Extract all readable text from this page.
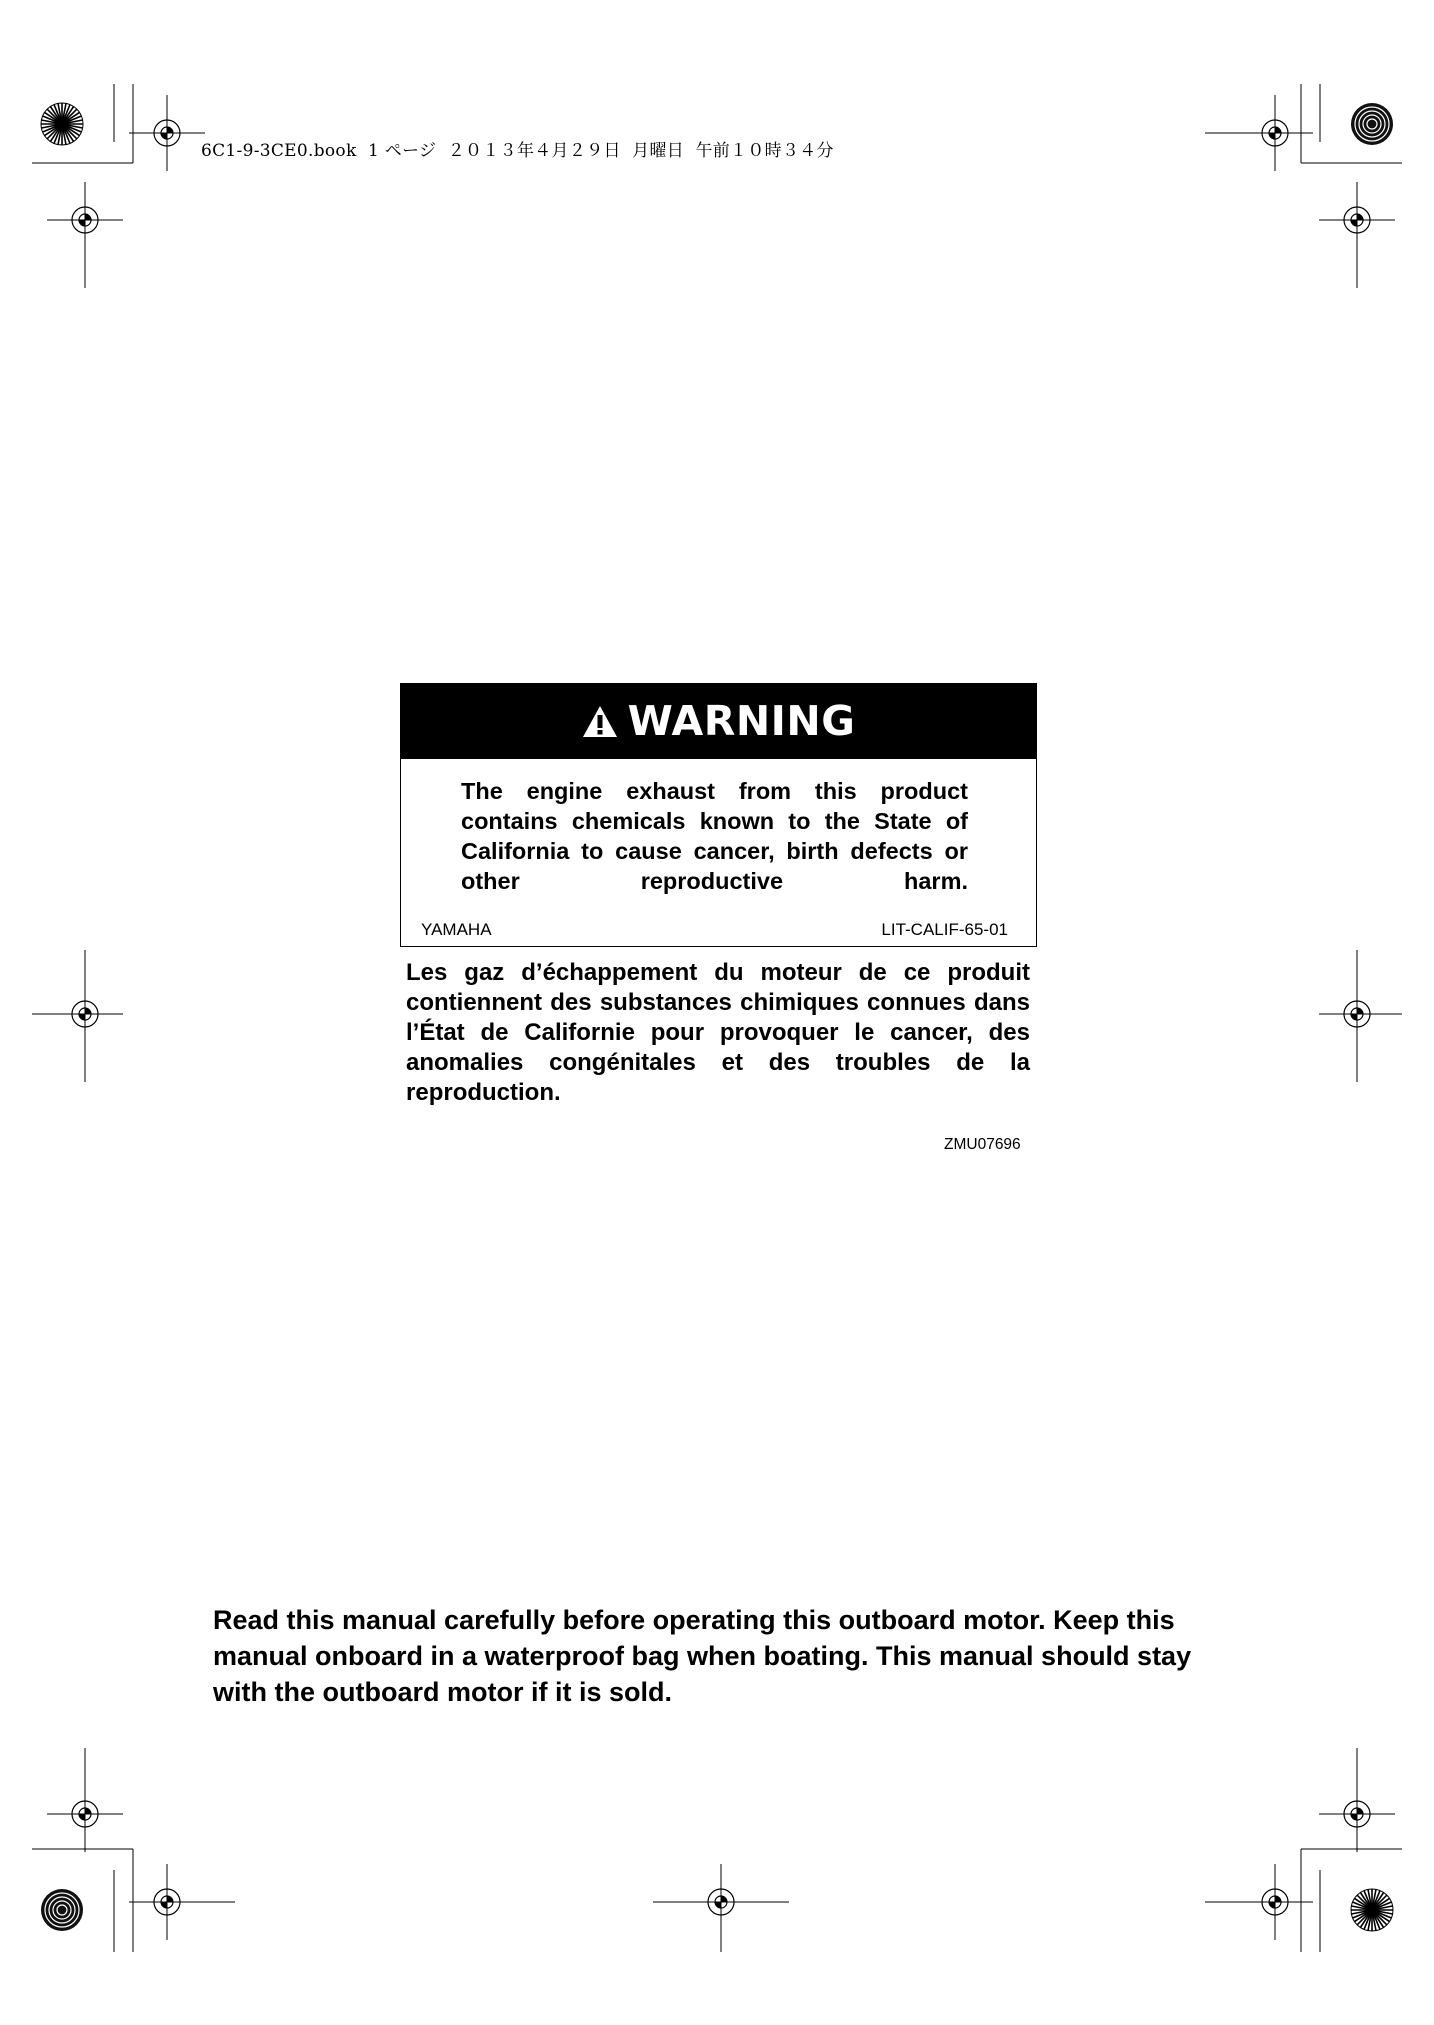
6C1-9-3CE0.book  1 ページ  ２０１３年４月２９日  月曜日  午前１０時３４分
WARNING
The engine exhaust from this product contains chemicals known to the State of California to cause cancer, birth defects or other reproductive harm.
YAMAHA	LIT-CALIF-65-01
Les gaz d’échappement du moteur de ce produit contiennent des substances chimiques connues dans l’État de Californie pour provoquer le cancer, des anomalies congénitales et des troubles de la reproduction.
ZMU07696
Read this manual carefully before operating this outboard motor. Keep this manual onboard in a waterproof bag when boating. This manual should stay with the outboard motor if it is sold.
